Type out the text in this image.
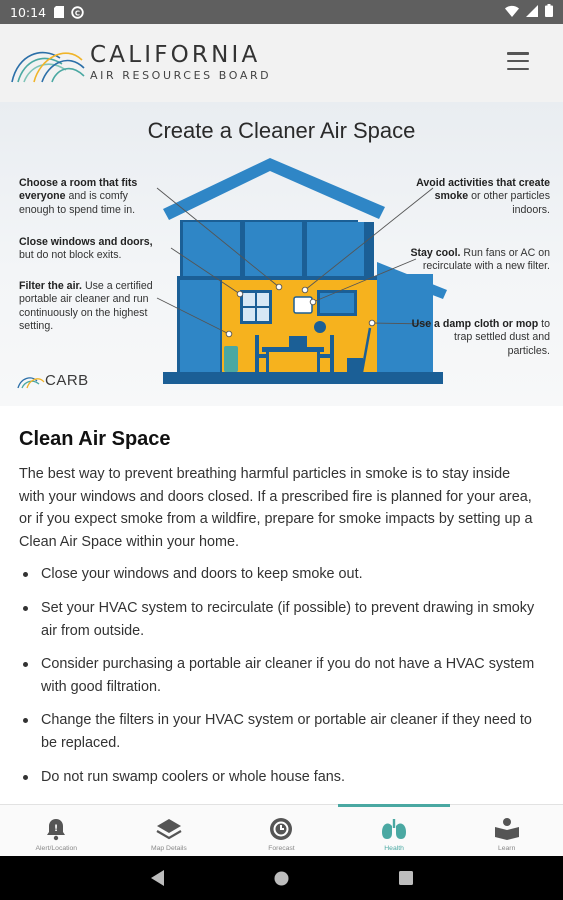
10:14	C
CALIFORNIA
AIR RESOURCES BOARD
Create a Cleaner Air Space
Choose a room that fits everyone and is comfy enough to spend time in.
Close windows and doors, but do not block exits.
Filter the air. Use a certified portable air cleaner and run continuously on the highest setting.
Avoid activities that create smoke or other particles indoors.
Stay cool. Run fans or AC on recirculate with a new filter.
Use a damp cloth or mop to trap settled dust and particles.
CARB
Clean Air Space

The best way to prevent breathing harmful particles in smoke is to stay inside with your windows and doors closed. If a prescribed fire is planned for your area, or if you expect smoke from a wildfire, prepare for smoke impacts by setting up a Clean Air Space within your home.

Close your windows and doors to keep smoke out.
Set your HVAC system to recirculate (if possible) to prevent drawing in smoky air from outside.
Consider purchasing a portable air cleaner if you do not have a HVAC system with good filtration.
Change the filters in your HVAC system or portable air cleaner if they need to be replaced.
Do not run swamp coolers or whole house fans.
!
Alert/Location	Map Details	Forecast	Health	Learn
